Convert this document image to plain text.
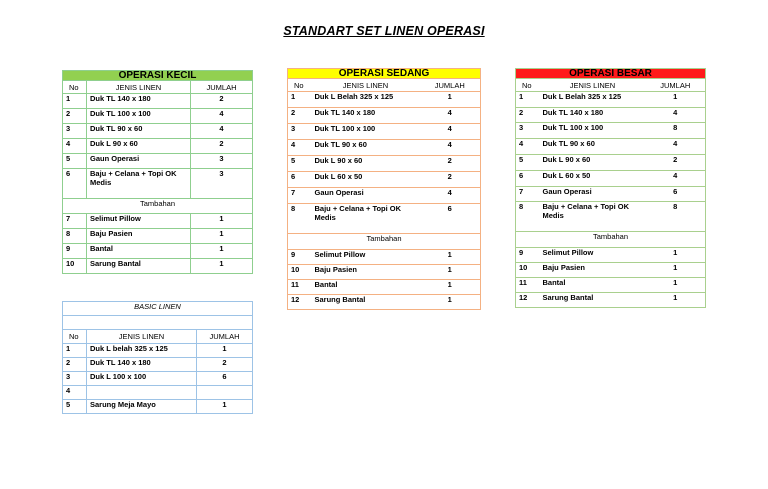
STANDART SET LINEN OPERASI
OPERASI KECIL		
No	JENIS LINEN	JUMLAH
1	Duk TL 140 x 180	2
2	Duk TL 100 x 100	4
3	Duk TL 90 x 60	4
4	Duk L 90 x 60	2
5	Gaun Operasi	3
6	Baju + Celana + Topi OK Medis	3
Tambahan		
7	Selimut Pillow	1
8	Baju Pasien	1
9	Bantal	1
10	Sarung Bantal	1
OPERASI SEDANG		
No	JENIS LINEN	JUMLAH
1	Duk L Belah 325 x 125	1
2	Duk TL 140 x 180	4
3	Duk TL 100 x 100	4
4	Duk TL 90 x 60	4
5	Duk L 90 x 60	2
6	Duk L 60 x 50	2
7	Gaun Operasi	4
8	Baju + Celana + Topi OK Medis	6
Tambahan		
9	Selimut Pillow	1
10	Baju Pasien	1
11	Bantal	1
12	Sarung Bantal	1
OPERASI BESAR		
No	JENIS LINEN	JUMLAH
1	Duk L Belah 325 x 125	1
2	Duk TL 140 x 180	4
3	Duk TL 100 x 100	8
4	Duk TL 90 x 60	4
5	Duk L 90 x 60	2
6	Duk L 60 x 50	4
7	Gaun Operasi	6
8	Baju + Celana + Topi OK Medis	8
Tambahan		
9	Selimut Pillow	1
10	Baju Pasien	1
11	Bantal	1
12	Sarung Bantal	1
BASIC LINEN		

No	JENIS LINEN	JUMLAH
1	Duk L belah 325 x 125	1
2	Duk TL 140 x 180	2
3	Duk L 100 x 100	6
4		
5	Sarung Meja Mayo	1
